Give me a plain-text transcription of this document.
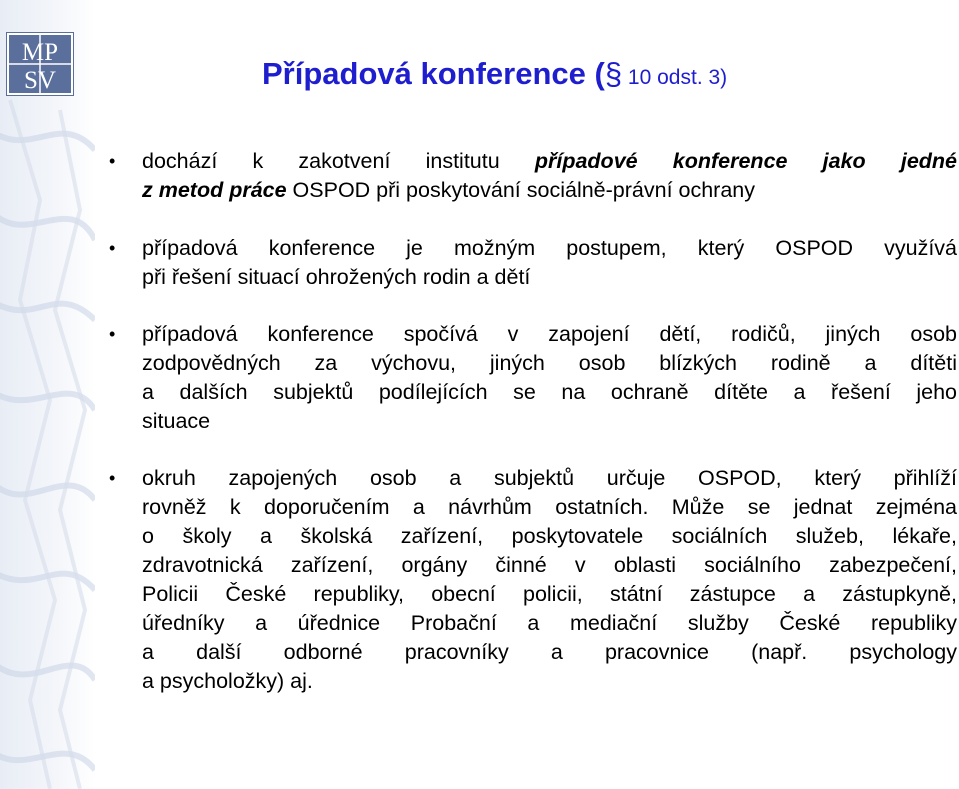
MP
SV	Případová konference (§ 10 odst. 3)
• dochází k zakotvení institutu případové konference jako jedné
z metod práce OSPOD při poskytování sociálně-právní ochrany
• případová konference je možným postupem, který OSPOD využívá
při řešení situací ohrožených rodin a dětí
• případová konference spočívá v zapojení dětí, rodičů, jiných osob
zodpovědných za výchovu, jiných osob blízkých rodině a dítěti
a dalších subjektů podílejících se na ochraně dítěte a řešení jeho
situace
• okruh zapojených osob a subjektů určuje OSPOD, který přihlíží
rovněž k doporučením a návrhům ostatních. Může se jednat zejména
o školy a školská zařízení, poskytovatele sociálních služeb, lékaře,
zdravotnická zařízení, orgány činné v oblasti sociálního zabezpečení,
Policii České republiky, obecní policii, státní zástupce a zástupkyně,
úředníky a úřednice Probační a mediační služby České republiky
a další odborné pracovníky a pracovnice (např. psychology
a psycholožky) aj.
